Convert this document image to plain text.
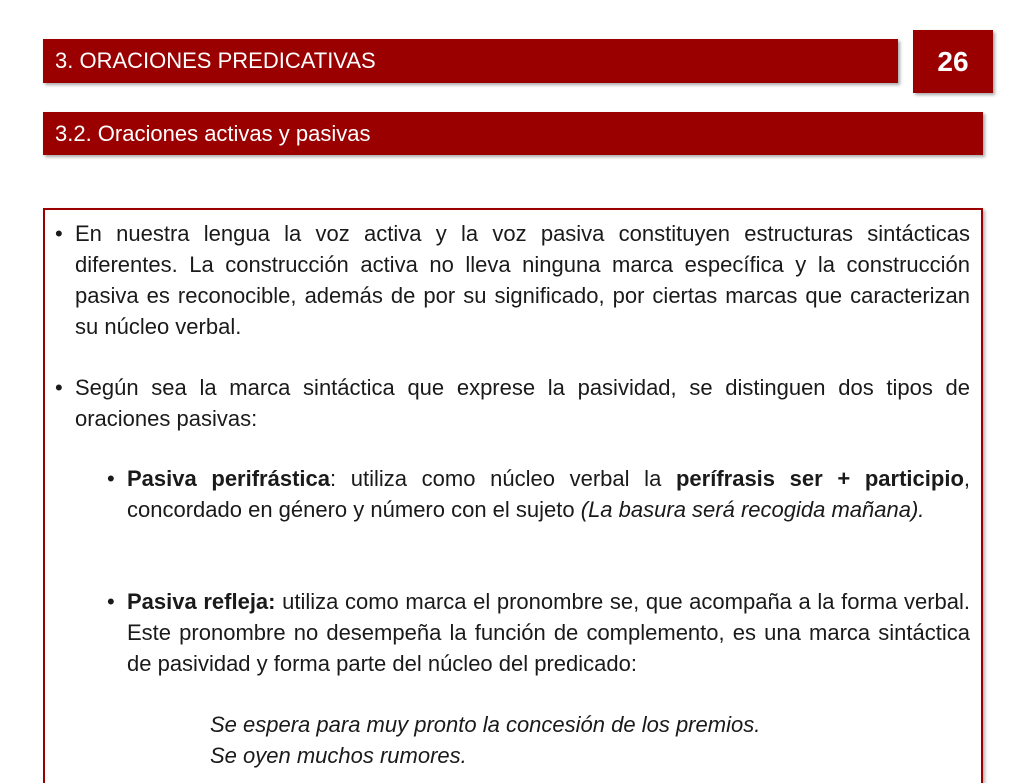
3. ORACIONES PREDICATIVAS	26
3.2. Oraciones activas y pasivas
• En nuestra lengua la voz activa y la voz pasiva constituyen estructuras sintácticas diferentes. La construcción activa no lleva ninguna marca específica y la construcción pasiva es reconocible, además de por su significado, por ciertas marcas que caracterizan su núcleo verbal.
• Según sea la marca sintáctica que exprese la pasividad, se distinguen dos tipos de oraciones pasivas:
• Pasiva perifrástica: utiliza como núcleo verbal la perífrasis ser + participio, concordado en género y número con el sujeto (La basura será recogida mañana).
• Pasiva refleja: utiliza como marca el pronombre se, que acompaña a la forma verbal. Este pronombre no desempeña la función de complemento, es una marca sintáctica de pasividad y forma parte del núcleo del predicado:
Se espera para muy pronto la concesión de los premios.
Se oyen muchos rumores.
